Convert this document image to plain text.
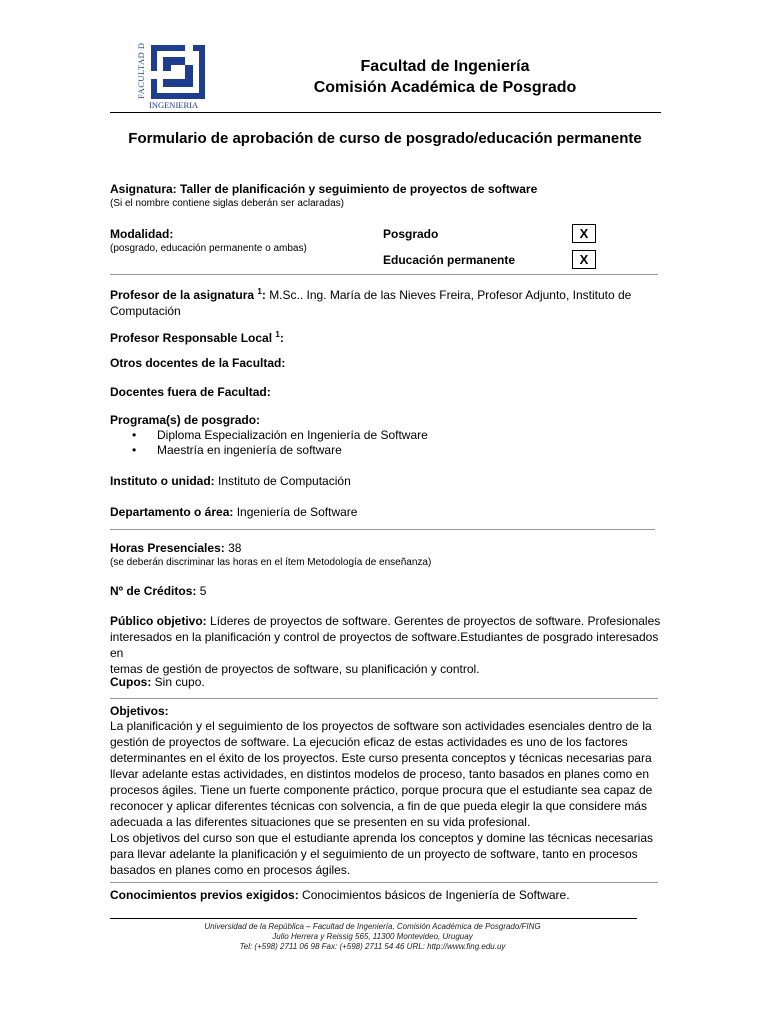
FACULTAD DE
INGENIERIA
Facultad de Ingeniería
Comisión Académica de Posgrado
Formulario de aprobación de curso de posgrado/educación permanente
Asignatura: Taller de planificación y seguimiento de proyectos de software
(Si el nombre contiene siglas deberán ser aclaradas)
Modalidad:
(posgrado, educación permanente o ambas)
Posgrado	X
Educación permanente	X
Profesor de la asignatura $^1$: M.Sc.. Ing. María de las Nieves Freira, Profesor Adjunto, Instituto de
Computación
Profesor Responsable Local $^1$:
Otros docentes de la Facultad:
Docentes fuera de Facultad:
Programa(s) de posgrado:
• Diploma Especialización en Ingeniería de Software
• Maestría en ingeniería de software
Instituto o unidad: Instituto de Computación
Departamento o área: Ingeniería de Software
Horas Presenciales: 38
(se deberán discriminar las horas en el ítem Metodología de enseñanza)
Nº de Créditos: 5
Público objetivo: Líderes de proyectos de software. Gerentes de proyectos de software. Profesionales
interesados en la planificación y control de proyectos de software.Estudiantes de posgrado interesados en
temas de gestión de proyectos de software, su planificación y control.
Cupos: Sin cupo.
Objetivos:
La planificación y el seguimiento de los proyectos de software son actividades esenciales dentro de la
gestión de proyectos de software. La ejecución eficaz de estas actividades es uno de los factores
determinantes en el éxito de los proyectos. Este curso presenta conceptos y técnicas necesarias para
llevar adelante estas actividades, en distintos modelos de proceso, tanto basados en planes como en
procesos ágiles. Tiene un fuerte componente práctico, porque procura que el estudiante sea capaz de
reconocer y aplicar diferentes técnicas con solvencia, a fin de que pueda elegir la que considere más
adecuada a las diferentes situaciones que se presenten en su vida profesional.
Los objetivos del curso son que el estudiante aprenda los conceptos y domine las técnicas necesarias
para llevar adelante la planificación y el seguimiento de un proyecto de software, tanto en procesos
basados en planes como en procesos ágiles.
Conocimientos previos exigidos: Conocimientos básicos de Ingeniería de Software.
Universidad de la República – Facultad de Ingeniería, Comisión Académica de Posgrado/FING
Julio Herrera y Reissig 565, 11300 Montevideo, Uruguay
Tel: (+598) 2711 06 98 Fax: (+598) 2711 54 46 URL: http://www.fing.edu.uy
